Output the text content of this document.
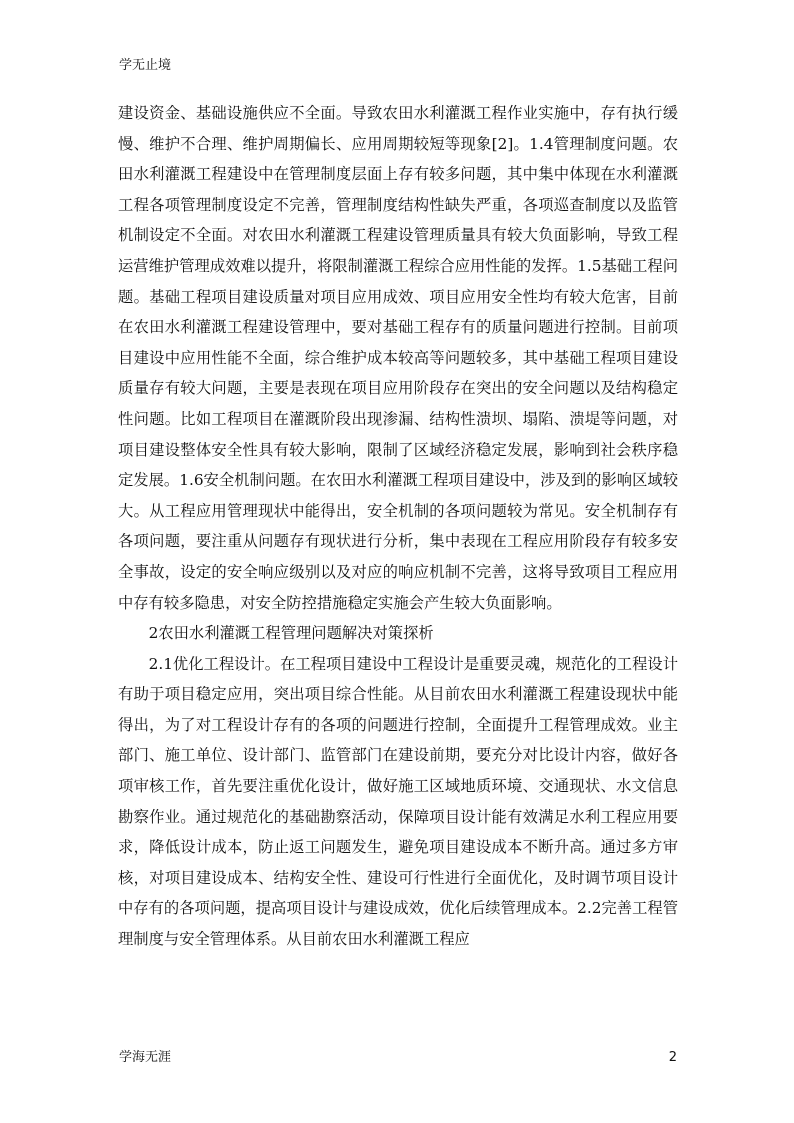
学无止境

建设资金、基础设施供应不全面。导致农田水利灌溉工程作业实施中，存有执行缓慢、维护不合理、维护周期偏长、应用周期较短等现象[2]。1.4管理制度问题。农田水利灌溉工程建设中在管理制度层面上存有较多问题，其中集中体现在水利灌溉工程各项管理制度设定不完善，管理制度结构性缺失严重，各项巡查制度以及监管机制设定不全面。对农田水利灌溉工程建设管理质量具有较大负面影响，导致工程运营维护管理成效难以提升，将限制灌溉工程综合应用性能的发挥。1.5基础工程问题。基础工程项目建设质量对项目应用成效、项目应用安全性均有较大危害，目前在农田水利灌溉工程建设管理中，要对基础工程存有的质量问题进行控制。目前项目建设中应用性能不全面，综合维护成本较高等问题较多，其中基础工程项目建设质量存有较大问题，主要是表现在项目应用阶段存在突出的安全问题以及结构稳定性问题。比如工程项目在灌溉阶段出现渗漏、结构性溃坝、塌陷、溃堤等问题，对项目建设整体安全性具有较大影响，限制了区域经济稳定发展，影响到社会秩序稳定发展。1.6安全机制问题。在农田水利灌溉工程项目建设中，涉及到的影响区域较大。从工程应用管理现状中能得出，安全机制的各项问题较为常见。安全机制存有各项问题，要注重从问题存有现状进行分析，集中表现在工程应用阶段存有较多安全事故，设定的安全响应级别以及对应的响应机制不完善，这将导致项目工程应用中存有较多隐患，对安全防控措施稳定实施会产生较大负面影响。

2农田水利灌溉工程管理问题解决对策探析

2.1优化工程设计。在工程项目建设中工程设计是重要灵魂，规范化的工程设计有助于项目稳定应用，突出项目综合性能。从目前农田水利灌溉工程建设现状中能得出，为了对工程设计存有的各项的问题进行控制，全面提升工程管理成效。业主部门、施工单位、设计部门、监管部门在建设前期，要充分对比设计内容，做好各项审核工作，首先要注重优化设计，做好施工区域地质环境、交通现状、水文信息勘察作业。通过规范化的基础勘察活动，保障项目设计能有效满足水利工程应用要求，降低设计成本，防止返工问题发生，避免项目建设成本不断升高。通过多方审核，对项目建设成本、结构安全性、建设可行性进行全面优化，及时调节项目设计中存有的各项问题，提高项目设计与建设成效，优化后续管理成本。2.2完善工程管理制度与安全管理体系。从目前农田水利灌溉工程应

学海无涯	2
